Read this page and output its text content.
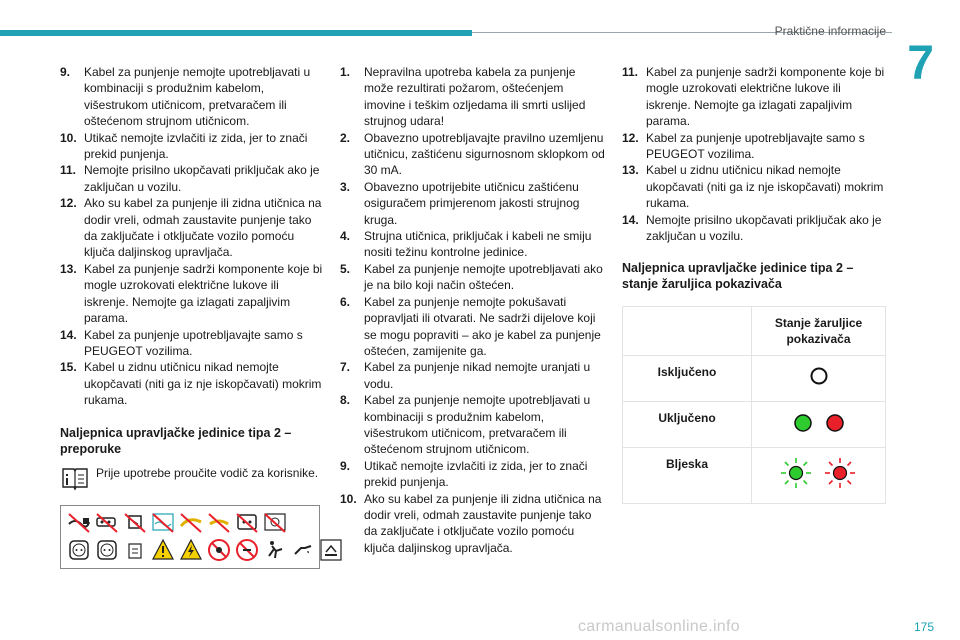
Praktične informacije
7
9.	Kabel za punjenje nemojte upotrebljavati u kombinaciji s produžnim kabelom, višestrukom utičnicom, pretvaračem ili oštećenom strujnom utičnicom.
10. Utikač nemojte izvlačiti iz zida, jer to znači prekid punjenja.
11. Nemojte prisilno ukopčavati priključak ako je zaključan u vozilu.
12. Ako su kabel za punjenje ili zidna utičnica na dodir vreli, odmah zaustavite punjenje tako da zaključate i otključate vozilo pomoću ključa daljinskog upravljača.
13. Kabel za punjenje sadrži komponente koje bi mogle uzrokovati električne lukove ili iskrenje. Nemojte ga izlagati zapaljivim parama.
14. Kabel za punjenje upotrebljavajte samo s PEUGEOT vozilima.
15. Kabel u zidnu utičnicu nikad nemojte ukopčavati (niti ga iz nje iskopčavati) mokrim rukama.
Naljepnica upravljačke jedinice tipa 2 – preporuke
Prije upotrebe proučite vodič za korisnike.
1.	Nepravilna upotreba kabela za punjenje može rezultirati požarom, oštećenjem imovine i teškim ozljedama ili smrti uslijed strujnog udara!
2.	Obavezno upotrebljavajte pravilno uzemljenu utičnicu, zaštićenu sigurnosnom sklopkom od 30 mA.
3.	Obavezno upotrijebite utičnicu zaštićenu osiguračem primjerenom jakosti strujnog kruga.
4.	Strujna utičnica, priključak i kabeli ne smiju nositi težinu kontrolne jedinice.
5.	Kabel za punjenje nemojte upotrebljavati ako je na bilo koji način oštećen.
6.	Kabel za punjenje nemojte pokušavati popravljati ili otvarati. Ne sadrži dijelove koji se mogu popraviti – ako je kabel za punjenje oštećen, zamijenite ga.
7.	Kabel za punjenje nikad nemojte uranjati u vodu.
8.	Kabel za punjenje nemojte upotrebljavati u kombinaciji s produžnim kabelom, višestrukom utičnicom, pretvaračem ili oštećenom strujnom utičnicom.
9.	Utikač nemojte izvlačiti iz zida, jer to znači prekid punjenja.
10. Ako su kabel za punjenje ili zidna utičnica na dodir vreli, odmah zaustavite punjenje tako da zaključate i otključate vozilo pomoću ključa daljinskog upravljača.
11. Kabel za punjenje sadrži komponente koje bi mogle uzrokovati električne lukove ili iskrenje. Nemojte ga izlagati zapaljivim parama.
12. Kabel za punjenje upotrebljavajte samo s PEUGEOT vozilima.
13. Kabel u zidnu utičnicu nikad nemojte ukopčavati (niti ga iz nje iskopčavati) mokrim rukama.
14. Nemojte prisilno ukopčavati priključak ako je zaključan u vozilu.
Naljepnica upravljačke jedinice tipa 2 – stanje žaruljica pokazivača
	Stanje žaruljice pokazivača
Isključeno	
Uključeno	
Bljeska	
carmanualsonline.info	175
